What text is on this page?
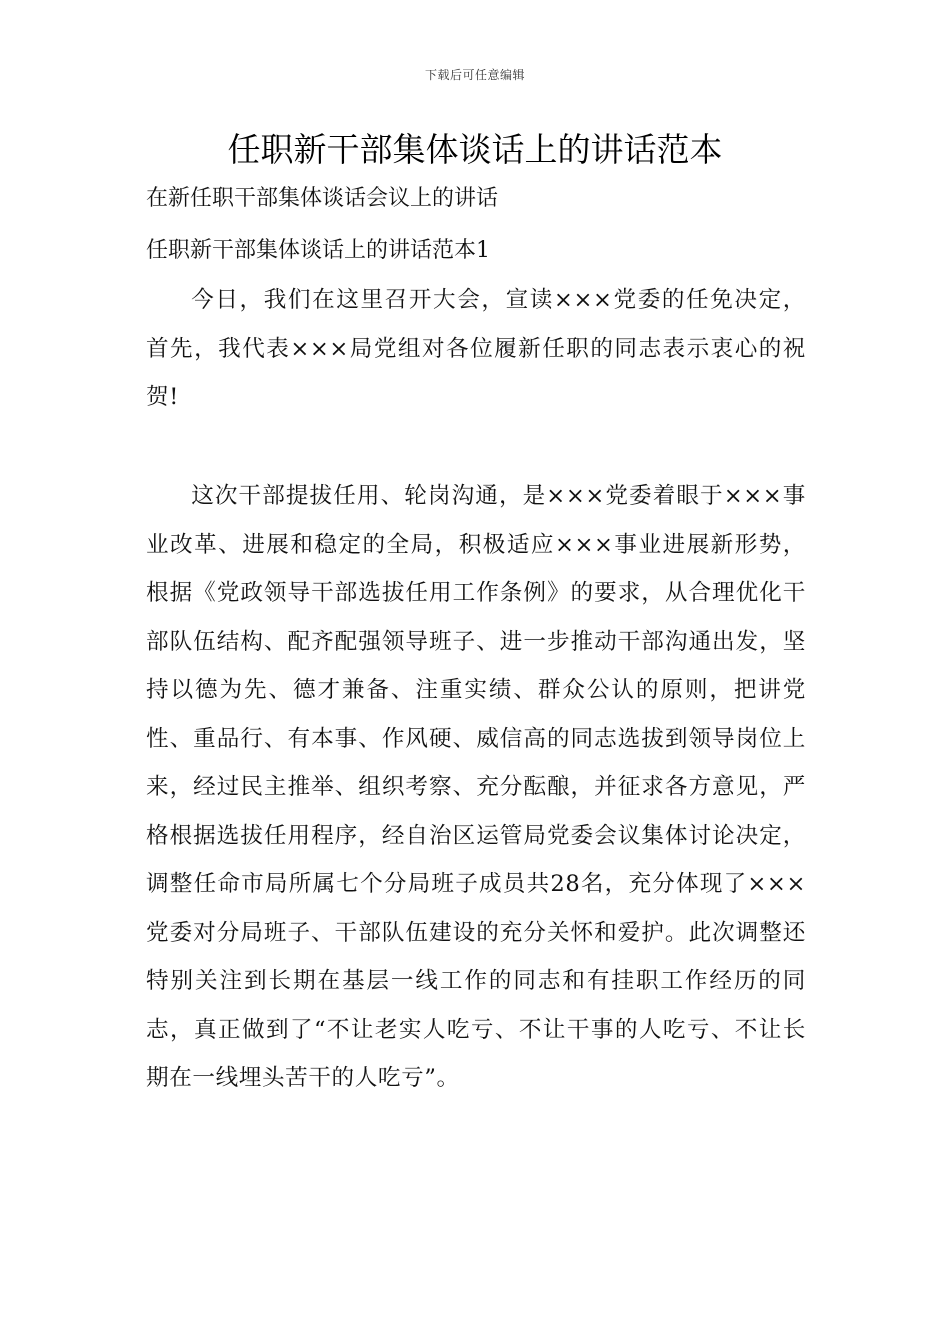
下载后可任意编辑
任职新干部集体谈话上的讲话范本

在新任职干部集体谈话会议上的讲话

任职新干部集体谈话上的讲话范本1

今日，我们在这里召开大会，宣读×××党委的任免决定，首先，我代表×××局党组对各位履新任职的同志表示衷心的祝贺!

这次干部提拔任用、轮岗沟通，是×××党委着眼于×××事业改革、进展和稳定的全局，积极适应×××事业进展新形势，根据《党政领导干部选拔任用工作条例》的要求，从合理优化干部队伍结构、配齐配强领导班子、进一步推动干部沟通出发，坚持以德为先、德才兼备、注重实绩、群众公认的原则，把讲党性、重品行、有本事、作风硬、威信高的同志选拔到领导岗位上来，经过民主推举、组织考察、充分酝酿，并征求各方意见，严格根据选拔任用程序，经自治区运管局党委会议集体讨论决定，调整任命市局所属七个分局班子成员共28名，充分体现了×××党委对分局班子、干部队伍建设的充分关怀和爱护。此次调整还特别关注到长期在基层一线工作的同志和有挂职工作经历的同志，真正做到了“不让老实人吃亏、不让干事的人吃亏、不让长期在一线埋头苦干的人吃亏”。
